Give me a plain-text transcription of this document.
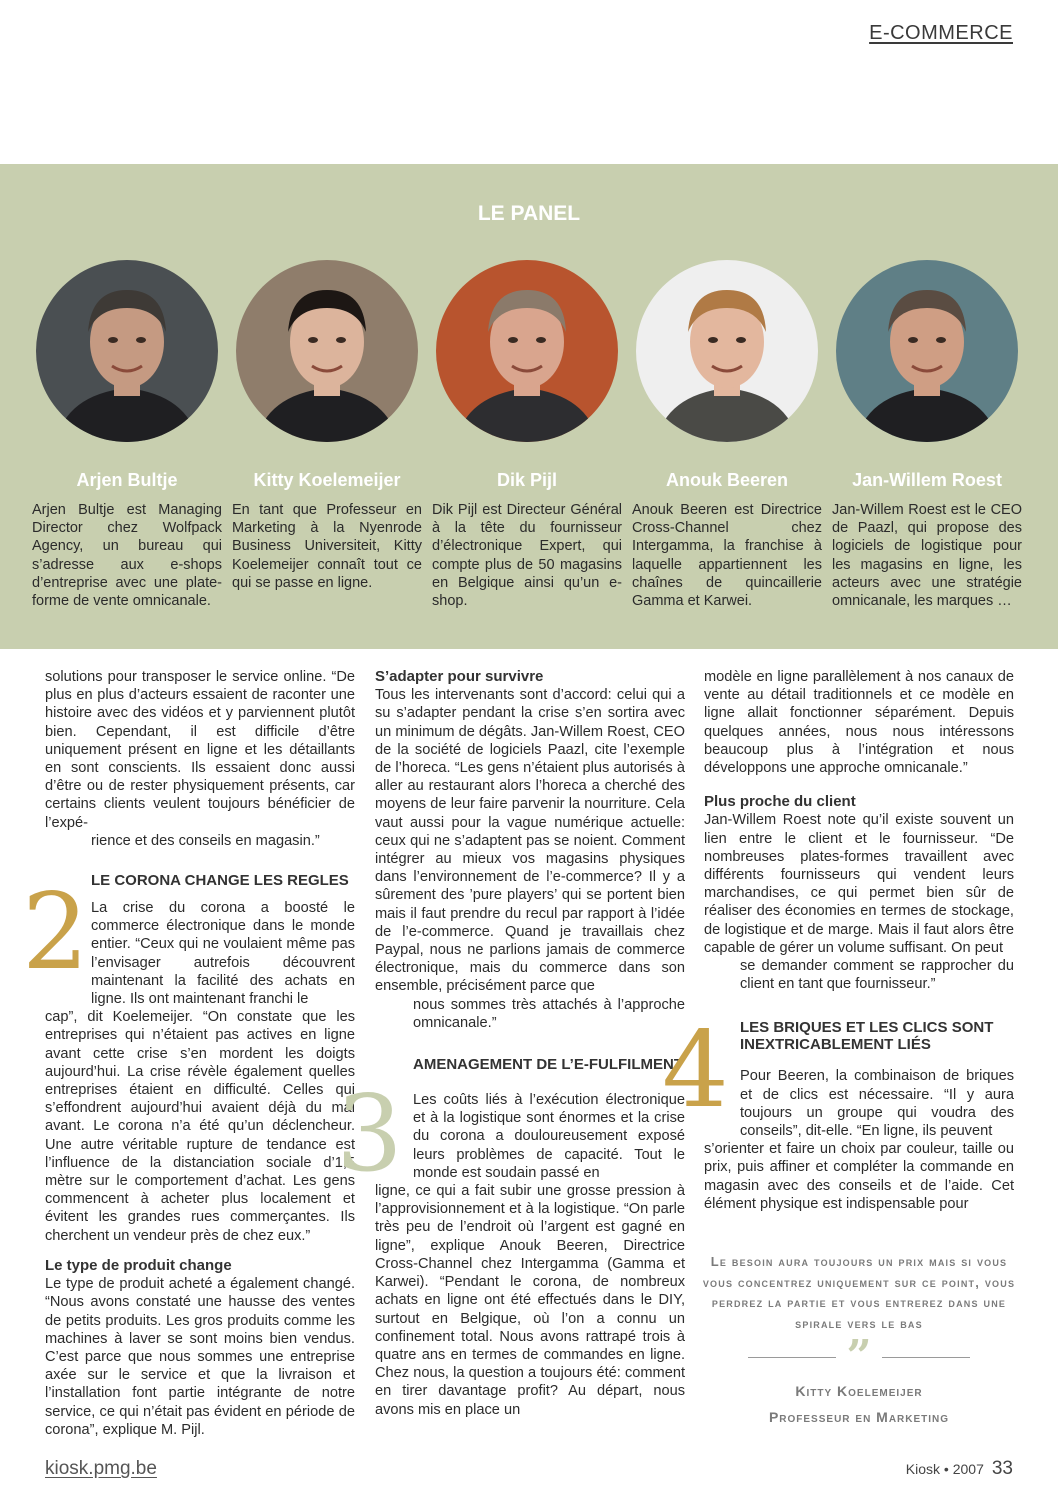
E-COMMERCE
LE PANEL
Arjen Bultje
Arjen Bultje est Managing Director chez Wolfpack Agency, un bureau qui s’adresse aux e-shops d’entreprise avec une plate-forme de vente omnicanale.
Kitty Koelemeijer
En tant que Professeur en Marketing à la Nyenrode Business Universiteit, Kitty Koelemeijer connaît tout ce qui se passe en ligne.
Dik Pijl
Dik Pijl est Directeur Général à la tête du fournisseur d’électronique Expert, qui compte plus de 50 magasins en Belgique ainsi qu’un e-shop.
Anouk Beeren
Anouk Beeren est Directrice Cross-Channel chez Intergamma, la franchise à laquelle appartiennent les chaînes de quincaillerie Gamma et Karwei.
Jan-Willem Roest
Jan-Willem Roest est le CEO de Paazl, qui propose des logiciels de logistique pour les magasins en ligne, les acteurs avec une stratégie omnicanale, les marques …

solutions pour transposer le service online. “De plus en plus d’acteurs essaient de raconter une histoire avec des vidéos et y parviennent plutôt bien. Cependant, il est difficile d’être uniquement présent en ligne et les détaillants en sont conscients. Ils essaient donc aussi d’être ou de rester physiquement présents, car certains clients veulent toujours bénéficier de l’expé-

rience et des conseils en magasin.”

LE CORONA CHANGE LES REGLES

La crise du corona a boosté le commerce électronique dans le monde entier. “Ceux qui ne voulaient même pas l’envisager autrefois découvrent maintenant la facilité des achats en ligne. Ils ont maintenant franchi le

cap”, dit Koelemeijer. “On constate que les entreprises qui n’étaient pas actives en ligne avant cette crise s’en mordent les doigts aujourd’hui. La crise révèle également quelles entreprises étaient en difficulté. Celles qui s’effondrent aujourd’hui avaient déjà du mal avant. Le corona n’a été qu’un déclencheur. Une autre véritable rupture de tendance est l’influence de la distanciation sociale d’1,5 mètre sur le comportement d’achat. Les gens commencent à acheter plus localement et évitent les grandes rues commerçantes. Ils cherchent un vendeur près de chez eux.”

Le type de produit change

Le type de produit acheté a également changé. “Nous avons constaté une hausse des ventes de petits produits. Les gros produits comme les machines à laver se sont moins bien vendus. C’est parce que nous sommes une entreprise axée sur le service et que la livraison et l’installation font partie intégrante de notre service, ce qui n’était pas évident en période de corona”, explique M. Pijl.

2
S’adapter pour survivre

Tous les intervenants sont d’accord: celui qui a su s’adapter pendant la crise s’en sortira avec un minimum de dégâts. Jan-Willem Roest, CEO de la société de logiciels Paazl, cite l’exemple de l’horeca. “Les gens n’étaient plus autorisés à aller au restaurant alors l’horeca a cherché des moyens de leur faire parvenir la nourriture. Cela vaut aussi pour la vague numérique actuelle: ceux qui ne s’adaptent pas se noient. Comment intégrer au mieux vos magasins physiques dans l’environnement de l’e-commerce? Il y a sûrement des ’pure players’ qui se portent bien mais il faut prendre du recul par rapport à l’idée de l’e-commerce. Quand je travaillais chez Paypal, nous ne parlions jamais de commerce électronique, mais du commerce dans son ensemble, précisément parce que

nous sommes très attachés à l’approche omnicanale.”

AMENAGEMENT DE L’E-FULFILMENT

Les coûts liés à l’exécution électronique et à la logistique sont énormes et la crise du corona a douloureusement exposé leurs problèmes de capacité. Tout le monde est soudain passé en

ligne, ce qui a fait subir une grosse pression à l’approvisionnement et à la logistique. “On parle très peu de l’endroit où l’argent est gagné en ligne”, explique Anouk Beeren, Directrice Cross-Channel chez Intergamma (Gamma et Karwei). “Pendant le corona, de nombreux achats en ligne ont été effectués dans le DIY, surtout en Belgique, où l’on a connu un confinement total. Nous avons rattrapé trois à quatre ans en termes de commandes en ligne. Chez nous, la question a toujours été: comment en tirer davantage profit? Au départ, nous avons mis en place un

3

modèle en ligne parallèlement à nos canaux de vente au détail traditionnels et ce modèle en ligne allait fonctionner séparément. Depuis quelques années, nous nous intéressons beaucoup plus à l’intégration et nous développons une approche omnicanale.”

Plus proche du client

Jan-Willem Roest note qu’il existe souvent un lien entre le client et le fournisseur. “De nombreuses plates-formes travaillent avec différents fournisseurs qui vendent leurs marchandises, ce qui permet bien sûr de réaliser des économies en termes de stockage, de logistique et de marge. Mais il faut alors être capable de gérer un volume suffisant. On peut

se demander comment se rapprocher du client en tant que fournisseur.”

LES BRIQUES ET LES CLICS SONT INEXTRICABLEMENT LIÉS

Pour Beeren, la combinaison de briques et de clics est nécessaire. “Il y aura toujours un groupe qui voudra des conseils”, dit-elle. “En ligne, ils peuvent

s’orienter et faire un choix par couleur, taille ou prix, puis affiner et compléter la commande en magasin avec des conseils et de l’aide. Cet élément physique est indispensable pour

4
Le besoin aura toujours un prix mais si vous vous concentrez uniquement sur ce point, vous perdrez la partie et vous entrerez dans une spirale vers le bas
”
Kitty Koelemeijer
Professeur en Marketing
kiosk.pmg.be	Kiosk • 2007 33
